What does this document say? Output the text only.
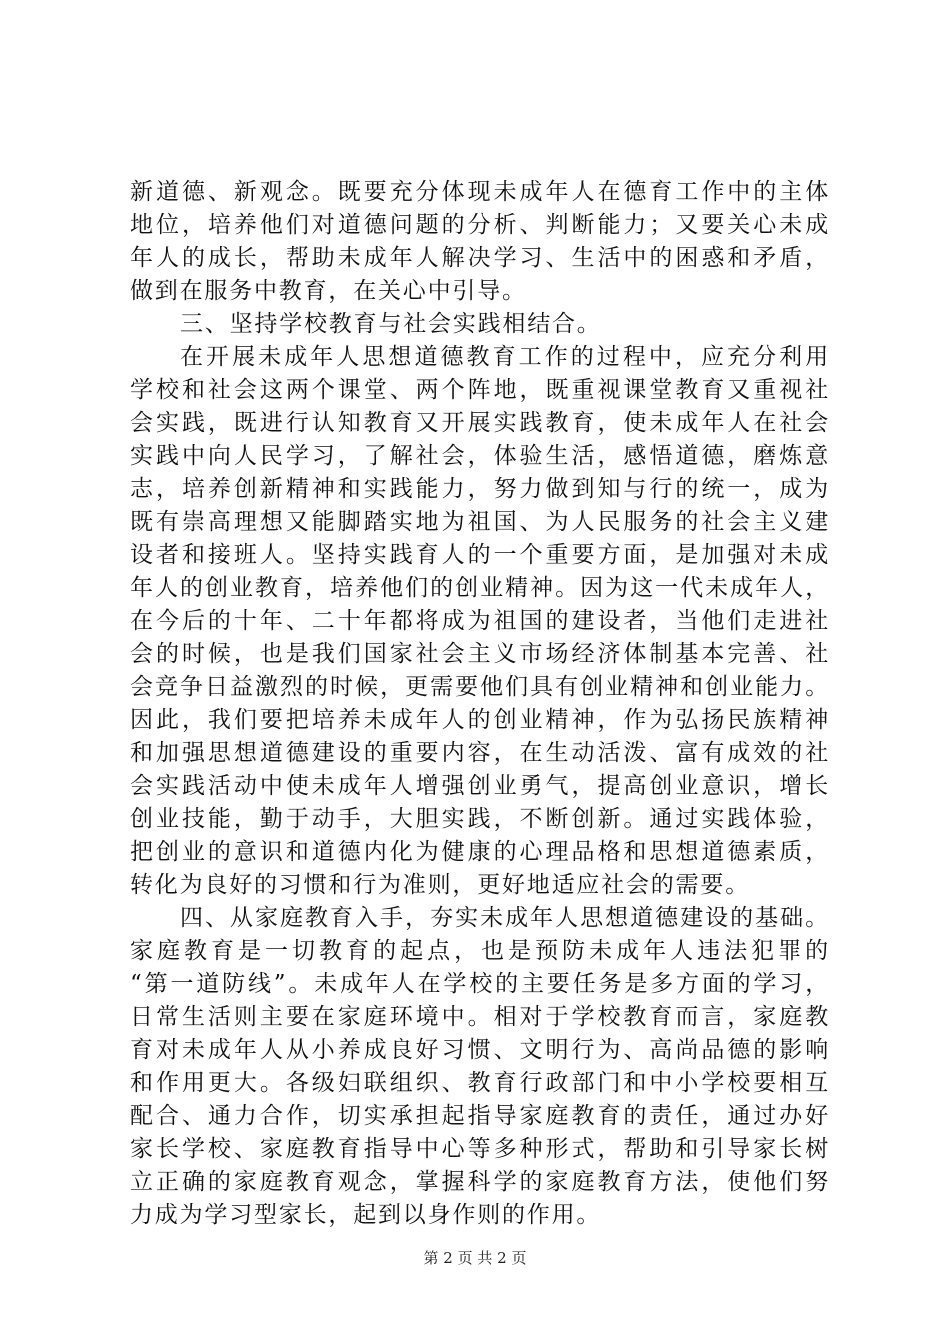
新道德、新观念。既要充分体现未成年人在德育工作中的主体
地位，培养他们对道德问题的分析、判断能力；又要关心未成
年人的成长，帮助未成年人解决学习、生活中的困惑和矛盾，
做到在服务中教育，在关心中引导。
三、坚持学校教育与社会实践相结合。
在开展未成年人思想道德教育工作的过程中，应充分利用
学校和社会这两个课堂、两个阵地，既重视课堂教育又重视社
会实践，既进行认知教育又开展实践教育，使未成年人在社会
实践中向人民学习，了解社会，体验生活，感悟道德，磨炼意
志，培养创新精神和实践能力，努力做到知与行的统一，成为
既有崇高理想又能脚踏实地为祖国、为人民服务的社会主义建
设者和接班人。坚持实践育人的一个重要方面，是加强对未成
年人的创业教育，培养他们的创业精神。因为这一代未成年人，
在今后的十年、二十年都将成为祖国的建设者，当他们走进社
会的时候，也是我们国家社会主义市场经济体制基本完善、社
会竞争日益激烈的时候，更需要他们具有创业精神和创业能力。
因此，我们要把培养未成年人的创业精神，作为弘扬民族精神
和加强思想道德建设的重要内容，在生动活泼、富有成效的社
会实践活动中使未成年人增强创业勇气，提高创业意识，增长
创业技能，勤于动手，大胆实践，不断创新。通过实践体验，
把创业的意识和道德内化为健康的心理品格和思想道德素质，
转化为良好的习惯和行为准则，更好地适应社会的需要。
四、从家庭教育入手，夯实未成年人思想道德建设的基础。
家庭教育是一切教育的起点，也是预防未成年人违法犯罪的
“第一道防线”。未成年人在学校的主要任务是多方面的学习，
日常生活则主要在家庭环境中。相对于学校教育而言，家庭教
育对未成年人从小养成良好习惯、文明行为、高尚品德的影响
和作用更大。各级妇联组织、教育行政部门和中小学校要相互
配合、通力合作，切实承担起指导家庭教育的责任，通过办好
家长学校、家庭教育指导中心等多种形式，帮助和引导家长树
立正确的家庭教育观念，掌握科学的家庭教育方法，使他们努
力成为学习型家长，起到以身作则的作用。
第 2 页 共 2 页
